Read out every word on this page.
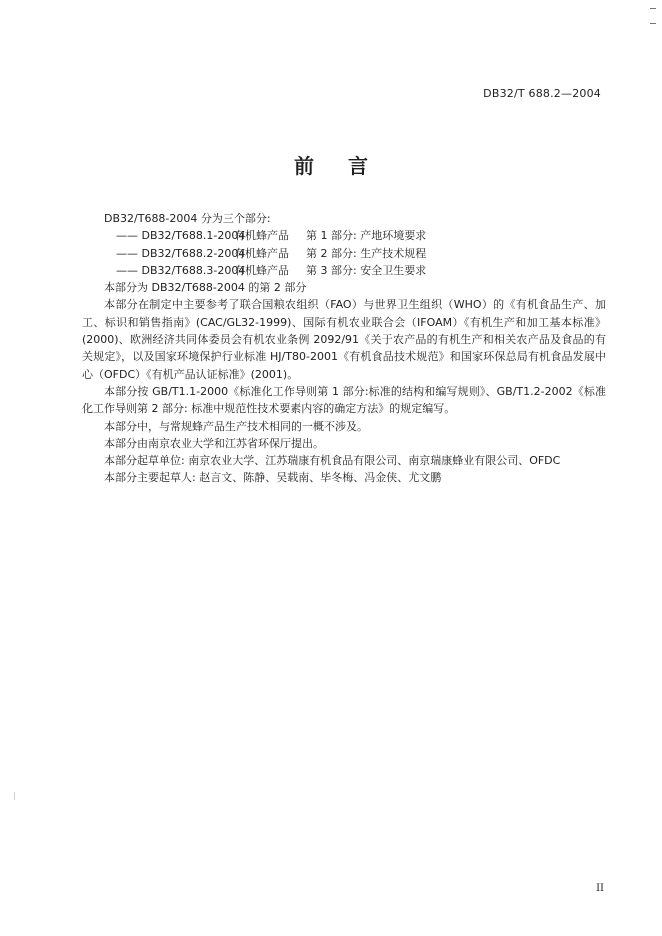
DB32/T 688.2—2004
前言

DB32/T688-2004 分为三个部分:

—— DB32/T688.1-2004有机蜂产品 第 1 部分: 产地环境要求

—— DB32/T688.2-2004有机蜂产品 第 2 部分: 生产技术规程

—— DB32/T688.3-2004有机蜂产品 第 3 部分: 安全卫生要求

本部分为 DB32/T688-2004 的第 2 部分

本部分在制定中主要参考了联合国粮农组织（FAO）与世界卫生组织（WHO）的《有机食品生产、加工、标识和销售指南》(CAC/GL32-1999)、国际有机农业联合会（IFOAM）《有机生产和加工基本标准》(2000)、欧洲经济共同体委员会有机农业条例 2092/91《关于农产品的有机生产和相关农产品及食品的有关规定》，以及国家环境保护行业标准 HJ/T80-2001《有机食品技术规范》和国家环保总局有机食品发展中心（OFDC）《有机产品认证标准》(2001)。

本部分按 GB/T1.1-2000《标准化工作导则第 1 部分:标准的结构和编写规则》、GB/T1.2-2002《标准化工作导则第 2 部分: 标准中规范性技术要素内容的确定方法》的规定编写。

本部分中，与常规蜂产品生产技术相同的一概不涉及。

本部分由南京农业大学和江苏省环保厅提出。

本部分起草单位: 南京农业大学、江苏瑞康有机食品有限公司、南京瑞康蜂业有限公司、OFDC

本部分主要起草人: 赵言文、陈静、吴载南、毕冬梅、冯金侠、尤文鹏

II
